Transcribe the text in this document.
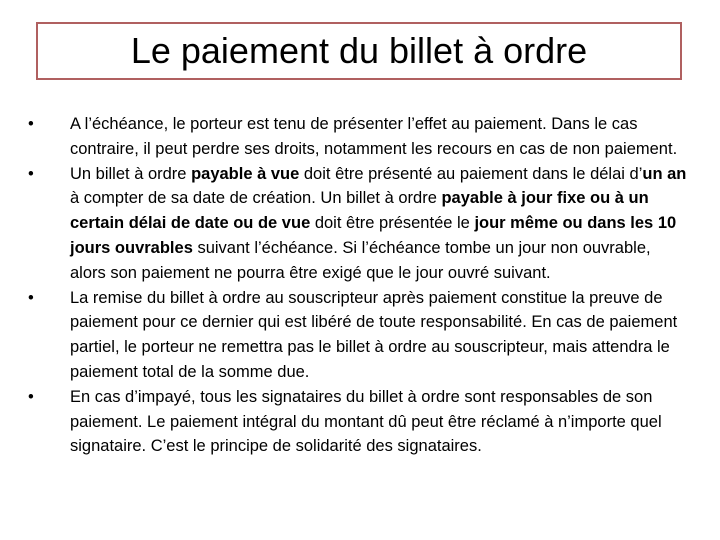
Le paiement du billet à ordre
•	A l’échéance, le porteur est tenu de présenter l’effet au paiement. Dans le cas contraire, il peut perdre ses droits, notamment les recours en cas de non paiement.
•	Un billet à ordre payable à vue doit être présenté au paiement dans le délai d’un an à compter de sa date de création. Un billet à ordre payable à jour fixe ou à un certain délai de date ou de vue doit être présentée le jour même ou dans les 10 jours ouvrables suivant l’échéance. Si l’échéance tombe un jour non ouvrable, alors son paiement ne pourra être exigé que le jour ouvré suivant.
•	La remise du billet à ordre au souscripteur après paiement constitue la preuve de paiement pour ce dernier qui est libéré de toute responsabilité. En cas de paiement partiel, le porteur ne remettra pas le billet à ordre au souscripteur, mais attendra le paiement total de la somme due.
•	En cas d’impayé, tous les signataires du billet à ordre sont responsables de son paiement. Le paiement intégral du montant dû peut être réclamé à n’importe quel signataire. C’est le principe de solidarité des signataires.
